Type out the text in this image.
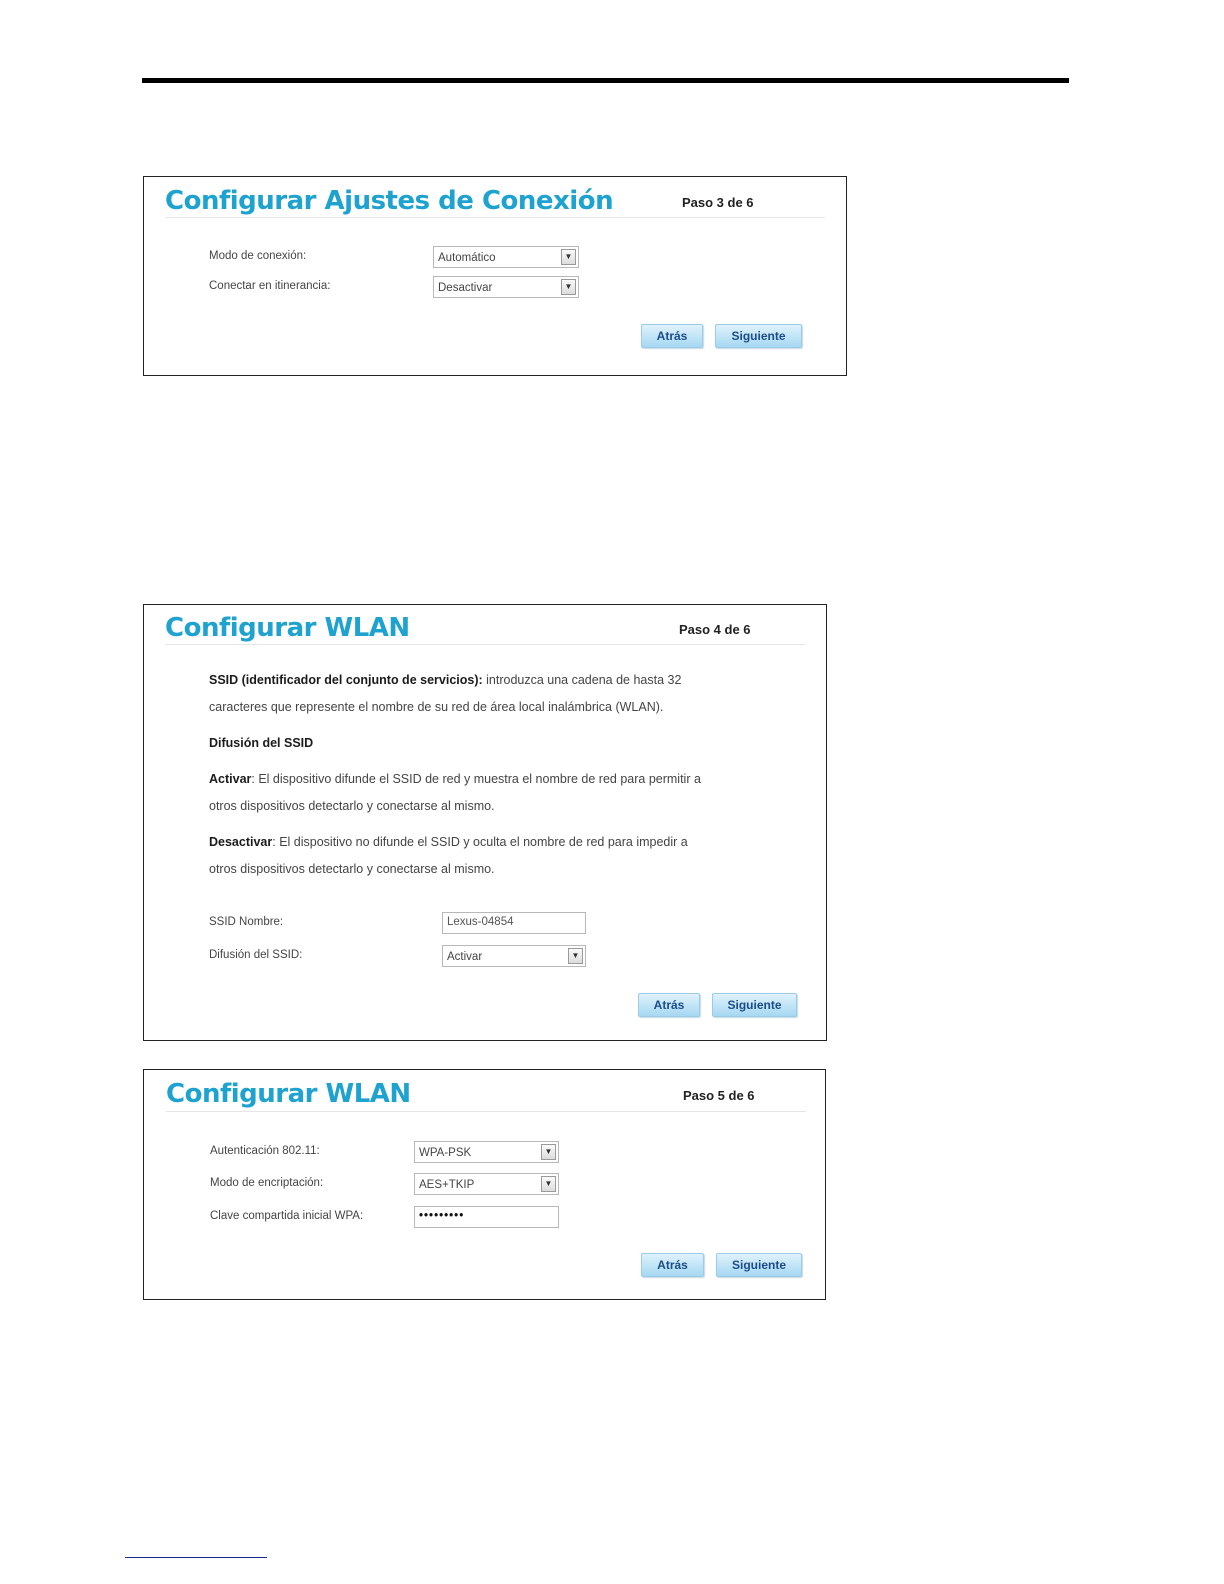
Configurar Ajustes de Conexión	Paso 3 de 6
Modo de conexión:	Automático	▼
Conectar en itinerancia:	Desactivar	▼
Atrás	Siguiente
Configurar WLAN	Paso 4 de 6
SSID (identificador del conjunto de servicios): introduzca una cadena de hasta 32
caracteres que represente el nombre de su red de área local inalámbrica (WLAN).
Difusión del SSID
Activar: El dispositivo difunde el SSID de red y muestra el nombre de red para permitir a
otros dispositivos detectarlo y conectarse al mismo.
Desactivar: El dispositivo no difunde el SSID y oculta el nombre de red para impedir a
otros dispositivos detectarlo y conectarse al mismo.
SSID Nombre:	Lexus-04854
Difusión del SSID:	Activar	▼
Atrás	Siguiente
Configurar WLAN	Paso 5 de 6
Autenticación 802.11:	WPA-PSK	▼
Modo de encriptación:	AES+TKIP	▼
Clave compartida inicial WPA:	•••••••••
Atrás	Siguiente
